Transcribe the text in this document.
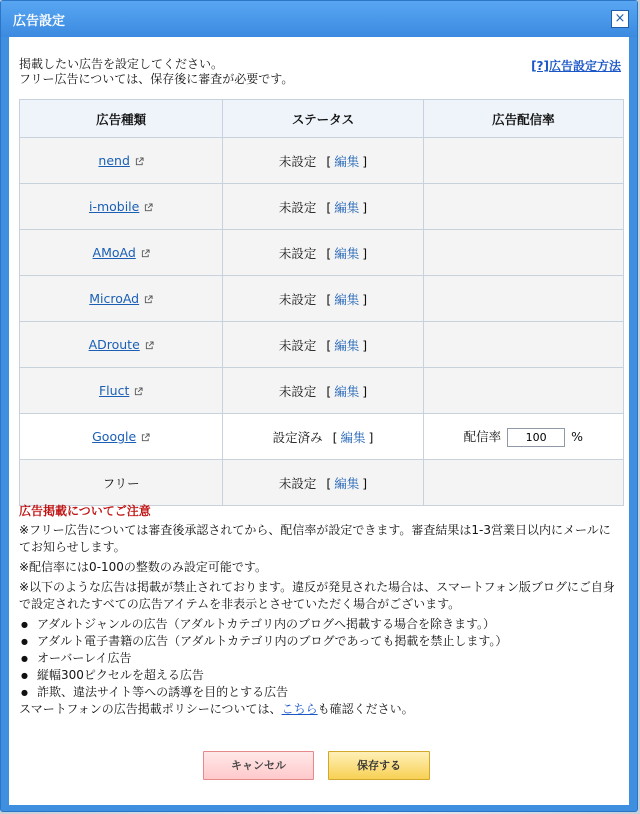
広告設定	×
掲載したい広告を設定してください。
フリー広告については、保存後に審査が必要です。
[?]広告設定方法
広告種類	ステータス	広告配信率
nend	未設定 [ 編集 ]	
i-mobile	未設定 [ 編集 ]	
AMoAd	未設定 [ 編集 ]	
MicroAd	未設定 [ 編集 ]	
ADroute	未設定 [ 編集 ]	
Fluct	未設定 [ 編集 ]	
Google	設定済み [ 編集 ]	配信率100 %
フリー	未設定 [ 編集 ]	
広告掲載についてご注意

※フリー広告については審査後承認されてから、配信率が設定できます。審査結果は1-3営業日以内にメールにてお知らせします。

※配信率には0-100の整数のみ設定可能です。

※以下のような広告は掲載が禁止されております。違反が発見された場合は、スマートフォン版ブログにご自身で設定されたすべての広告アイテムを非表示とさせていただく場合がございます。

● アダルトジャンルの広告（アダルトカテゴリ内のブログへ掲載する場合を除きます。）
● アダルト電子書籍の広告（アダルトカテゴリ内のブログであっても掲載を禁止します。）
● オーバーレイ広告
● 縦幅300ピクセルを超える広告
● 詐欺、違法サイト等への誘導を目的とする広告
スマートフォンの広告掲載ポリシーについては、こちらも確認ください。
キャンセル	保存する
